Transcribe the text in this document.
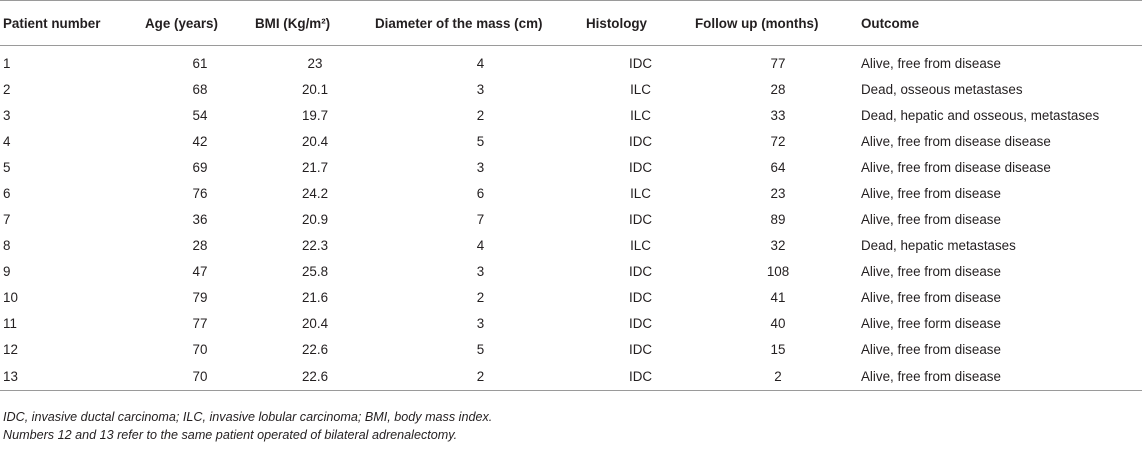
Patient number	Age (years)	BMI (Kg/m²)	Diameter of the mass (cm)	Histology	Follow up (months)	Outcome
1	61	23	4	IDC	77	Alive, free from disease
2	68	20.1	3	ILC	28	Dead, osseous metastases
3	54	19.7	2	ILC	33	Dead, hepatic and osseous, metastases
4	42	20.4	5	IDC	72	Alive, free from disease disease
5	69	21.7	3	IDC	64	Alive, free from disease disease
6	76	24.2	6	ILC	23	Alive, free from disease
7	36	20.9	7	IDC	89	Alive, free from disease
8	28	22.3	4	ILC	32	Dead, hepatic metastases
9	47	25.8	3	IDC	108	Alive, free from disease
10	79	21.6	2	IDC	41	Alive, free from disease
11	77	20.4	3	IDC	40	Alive, free form disease
12	70	22.6	5	IDC	15	Alive, free from disease
13	70	22.6	2	IDC	2	Alive, free from disease
IDC, invasive ductal carcinoma; ILC, invasive lobular carcinoma; BMI, body mass index.
Numbers 12 and 13 refer to the same patient operated of bilateral adrenalectomy.
